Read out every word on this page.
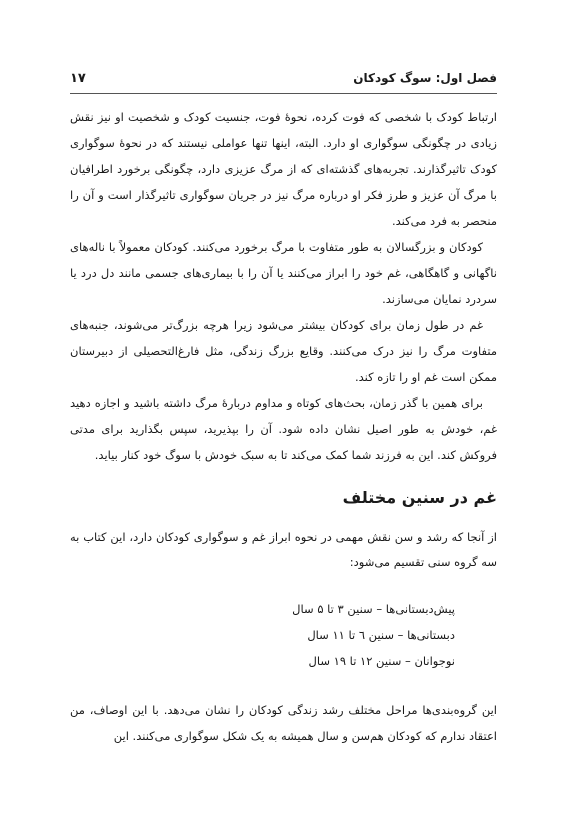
فصل اول: سوگ کودکان
۱۷

ارتباط کودک با شخصی که فوت کرده، نحوهٔ فوت، جنسیت کودک و شخصیت او نیز نقش زیادی در چگونگی سوگواری او دارد. البته، اینها تنها عواملی نیستند که در نحوهٔ سوگواری کودک تاثیرگذارند. تجربه‌های گذشته‌ای که از مرگ عزیزی دارد، چگونگی برخورد اطرافیان با مرگ آن عزیز و طرز فکر او درباره مرگ نیز در جریان سوگواری تاثیرگذار است و آن را منحصر به فرد می‌کند.

کودکان و بزرگسالان به طور متفاوت با مرگ برخورد می‌کنند. کودکان معمولاً با ناله‌های ناگهانی و گاهگاهی، غم خود را ابراز می‌کنند یا آن را با بیماری‌های جسمی مانند دل درد یا سردرد نمایان می‌سازند.

غم در طول زمان برای کودکان بیشتر می‌شود زیرا هرچه بزرگ‌تر می‌شوند، جنبه‌های متفاوت مرگ را نیز درک می‌کنند. وقایع بزرگ زندگی، مثل فارغ‌التحصیلی از دبیرستان ممکن است غم او را تازه کند.

برای همین با گذر زمان، بحث‌های کوتاه و مداوم دربارهٔ مرگ داشته باشید و اجازه دهید غم، خودش به طور اصیل نشان داده شود. آن را بپذیرید، سپس بگذارید برای مدتی فروکش کند. این به فرزند شما کمک می‌کند تا به سبک خودش با سوگ خود کنار بیاید.

غم در سنین مختلف
از آنجا که رشد و سن نقش مهمی در نحوه ابراز غم و سوگواری کودکان دارد، این کتاب به سه گروه سنی تقسیم می‌شود:
پیش‌دبستانی‌ها – سنین ۳ تا ۵ سال
دبستانی‌ها – سنین ٦ تا ۱۱ سال
نوجوانان – سنین ۱۲ تا ۱۹ سال
این گروه‌بندی‌ها مراحل مختلف رشد زندگی کودکان را نشان می‌دهد. با این اوصاف، من اعتقاد ندارم که کودکان هم‌سن و سال همیشه به یک شکل سوگواری می‌کنند. این
